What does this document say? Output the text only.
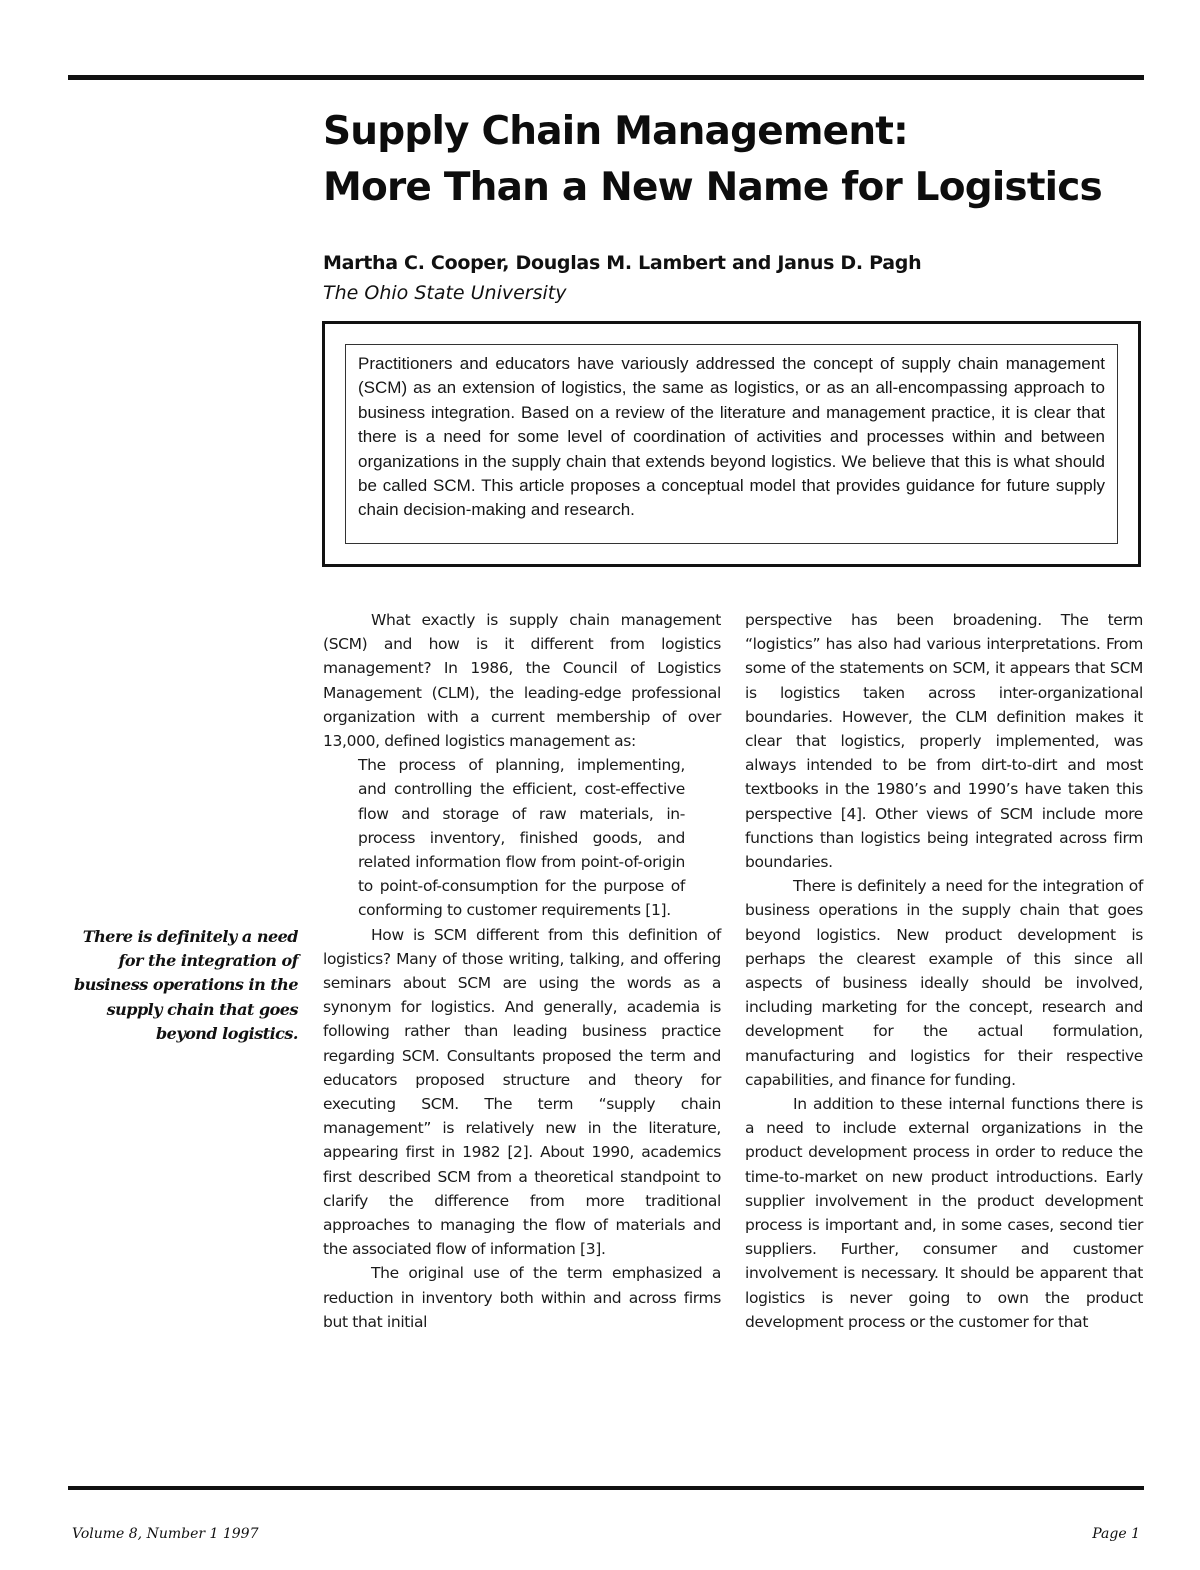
Supply Chain Management:
More Than a New Name for Logistics

Martha C. Cooper, Douglas M. Lambert and Janus D. Pagh

The Ohio State University

Practitioners and educators have variously addressed the concept of supply chain management (SCM) as an extension of logistics, the same as logistics, or as an all-encompassing approach to business integration. Based on a review of the literature and management practice, it is clear that there is a need for some level of coordination of activities and processes within and between organizations in the supply chain that extends beyond logistics. We believe that this is what should be called SCM. This article proposes a conceptual model that provides guidance for future supply chain decision-making and research.

There is definitely a need for the integration of business operations in the supply chain that goes beyond logistics.

What exactly is supply chain management (SCM) and how is it different from logistics management? In 1986, the Council of Logistics Management (CLM), the leading-edge professional organization with a current membership of over 13,000, defined logistics management as:

The process of planning, implementing, and controlling the efficient, cost-effective flow and storage of raw materials, in-process inventory, finished goods, and related information flow from point-of-origin to point-of-consumption for the purpose of conforming to customer requirements [1].

How is SCM different from this definition of logistics? Many of those writing, talking, and offering seminars about SCM are using the words as a synonym for logistics. And generally, academia is following rather than leading business practice regarding SCM. Consultants proposed the term and educators proposed structure and theory for executing SCM. The term “supply chain management” is relatively new in the literature, appearing first in 1982 [2]. About 1990, academics first described SCM from a theoretical standpoint to clarify the difference from more traditional approaches to managing the flow of materials and the associated flow of information [3].

The original use of the term emphasized a reduction in inventory both within and across firms but that initial

perspective has been broadening. The term “logistics” has also had various interpretations. From some of the statements on SCM, it appears that SCM is logistics taken across inter-organizational boundaries. However, the CLM definition makes it clear that logistics, properly implemented, was always intended to be from dirt-to-dirt and most textbooks in the 1980’s and 1990’s have taken this perspective [4]. Other views of SCM include more functions than logistics being integrated across firm boundaries.

There is definitely a need for the integration of business operations in the supply chain that goes beyond logistics. New product development is perhaps the clearest example of this since all aspects of business ideally should be involved, including marketing for the concept, research and development for the actual formulation, manufacturing and logistics for their respective capabilities, and finance for funding.

In addition to these internal functions there is a need to include external organizations in the product development process in order to reduce the time-to-market on new product introductions. Early supplier involvement in the product development process is important and, in some cases, second tier suppliers. Further, consumer and customer involvement is necessary. It should be apparent that logistics is never going to own the product development process or the customer for that

Volume 8, Number 1 1997	Page 1
